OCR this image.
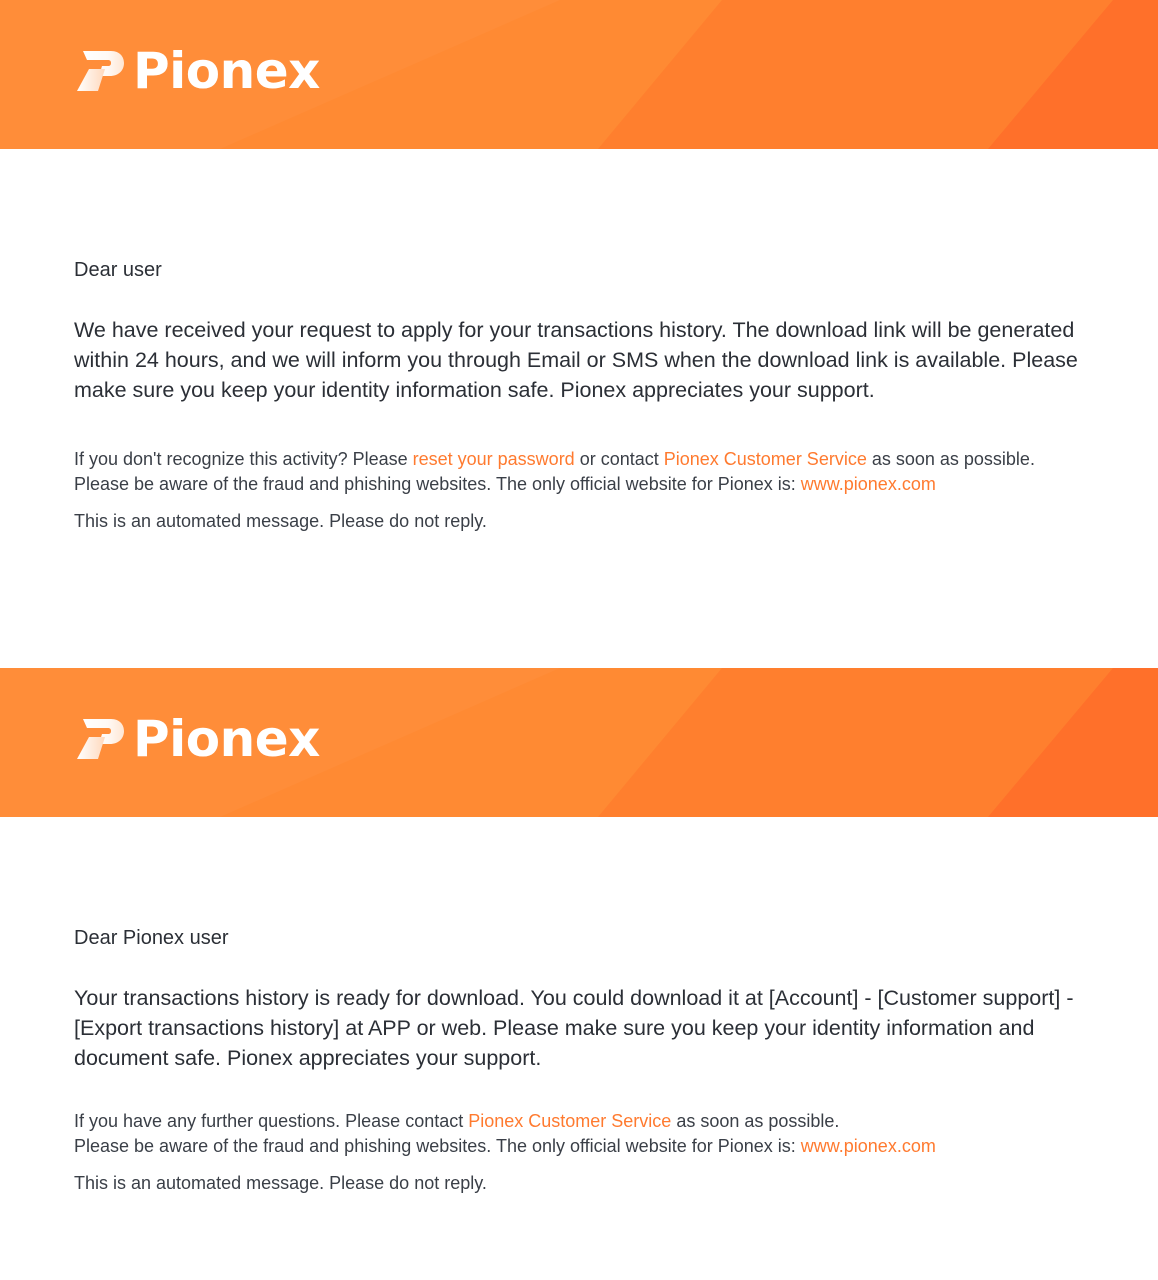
Pionex

Dear user

We have received your request to apply for your transactions history. The download link will be generated within 24 hours, and we will inform you through Email or SMS when the download link is available. Please make sure you keep your identity information safe. Pionex appreciates your support.

If you don't recognize this activity? Please reset your password or contact Pionex Customer Service as soon as possible.
Please be aware of the fraud and phishing websites. The only official website for Pionex is: www.pionex.com

This is an automated message. Please do not reply.

Pionex

Dear Pionex user

Your transactions history is ready for download. You could download it at [Account] - [Customer support] - [Export transactions history] at APP or web. Please make sure you keep your identity information and document safe. Pionex appreciates your support.

If you have any further questions. Please contact Pionex Customer Service as soon as possible.
Please be aware of the fraud and phishing websites. The only official website for Pionex is: www.pionex.com

This is an automated message. Please do not reply.
